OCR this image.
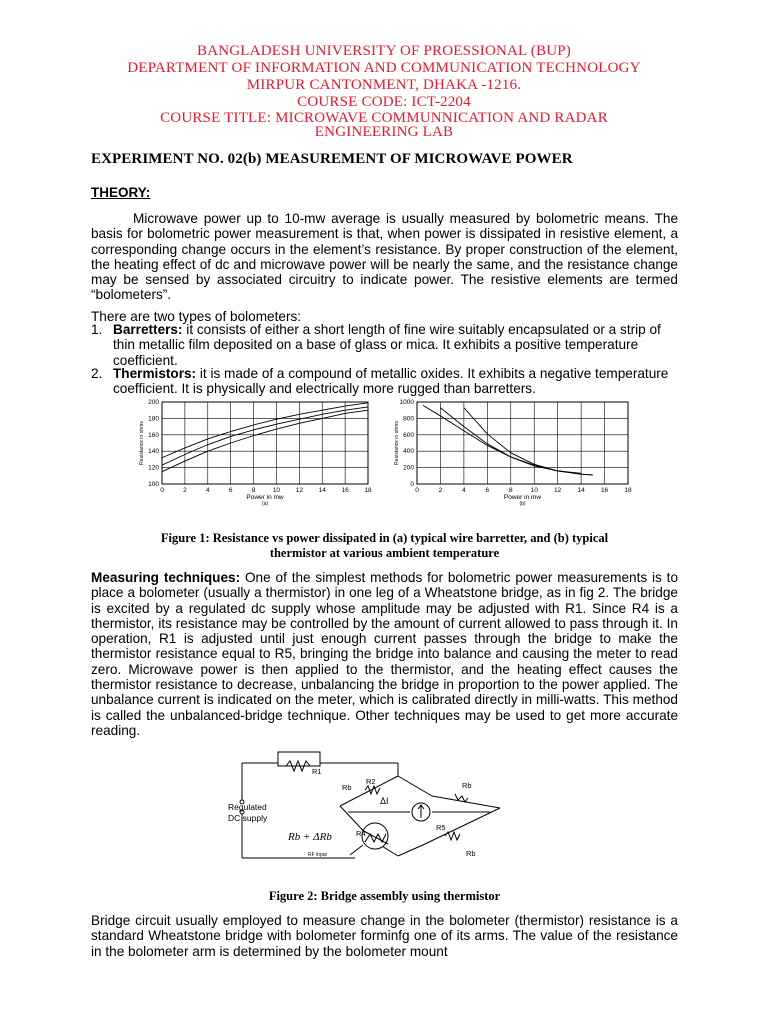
BANGLADESH UNIVERSITY OF PROESSIONAL (BUP)
DEPARTMENT OF INFORMATION AND COMMUNICATION TECHNOLOGY
MIRPUR CANTONMENT, DHAKA -1216.
COURSE CODE: ICT-2204
COURSE TITLE: MICROWAVE COMMUNNICATION AND RADAR
ENGINEERING LAB
EXPERIMENT NO. 02(b) MEASUREMENT OF MICROWAVE POWER
THEORY:
Microwave power up to 10-mw average is usually measured by bolometric means. The basis for bolometric power measurement is that, when power is dissipated in resistive element, a corresponding change occurs in the element’s resistance. By proper construction of the element, the heating effect of dc and microwave power will be nearly the same, and the resistance change may be sensed by associated circuitry to indicate power. The resistive elements are termed “bolometers”.
There are two types of bolometers:
1. Barretters: it consists of either a short length of fine wire suitably encapsulated or a strip of thin metallic film deposited on a base of glass or mica. It exhibits a positive temperature coefficient.
2. Thermistors: it is made of a compound of metallic oxides. It exhibits a negative temperature coefficient. It is physically and electrically more rugged than barretters.
0	2	4	6	8	10 12 14 16 18
100
120
140
160
180
200
Power in mw
(a)
Resistance in ohms
0	2	4	6	8	10 12 14 16 18
0
200
400
600
800
1000
Power in mw
(b)
Resistance in ohms
Figure 1: Resistance vs power dissipated in (a) typical wire barretter, and (b) typical
thermistor at various ambient temperature
Measuring techniques: One of the simplest methods for bolometric power measurements is to place a bolometer (usually a thermistor) in one leg of a Wheatstone bridge, as in fig 2. The bridge is excited by a regulated dc supply whose amplitude may be adjusted with R1. Since R4 is a thermistor, its resistance may be controlled by the amount of current allowed to pass through it. In operation, R1 is adjusted until just enough current passes through the bridge to make the thermistor resistance equal to R5, bringing the bridge into balance and causing the meter to read zero. Microwave power is then applied to the thermistor, and the heating effect causes the thermistor resistance to decrease, unbalancing the bridge in proportion to the power applied. The unbalance current is indicated on the meter, which is calibrated directly in milli-watts. This method is called the unbalanced-bridge technique. Other techniques may be used to get more accurate reading.
R1
Rb
R2
ΔI
Rb
R5
R4
Rb
Regulated
DC supply
Rb + ΔRb
RF input
Figure 2: Bridge assembly using thermistor
Bridge circuit usually employed to measure change in the bolometer (thermistor) resistance is a standard Wheatstone bridge with bolometer forminfg one of its arms. The value of the resistance in the bolometer arm is determined by the bolometer mount
